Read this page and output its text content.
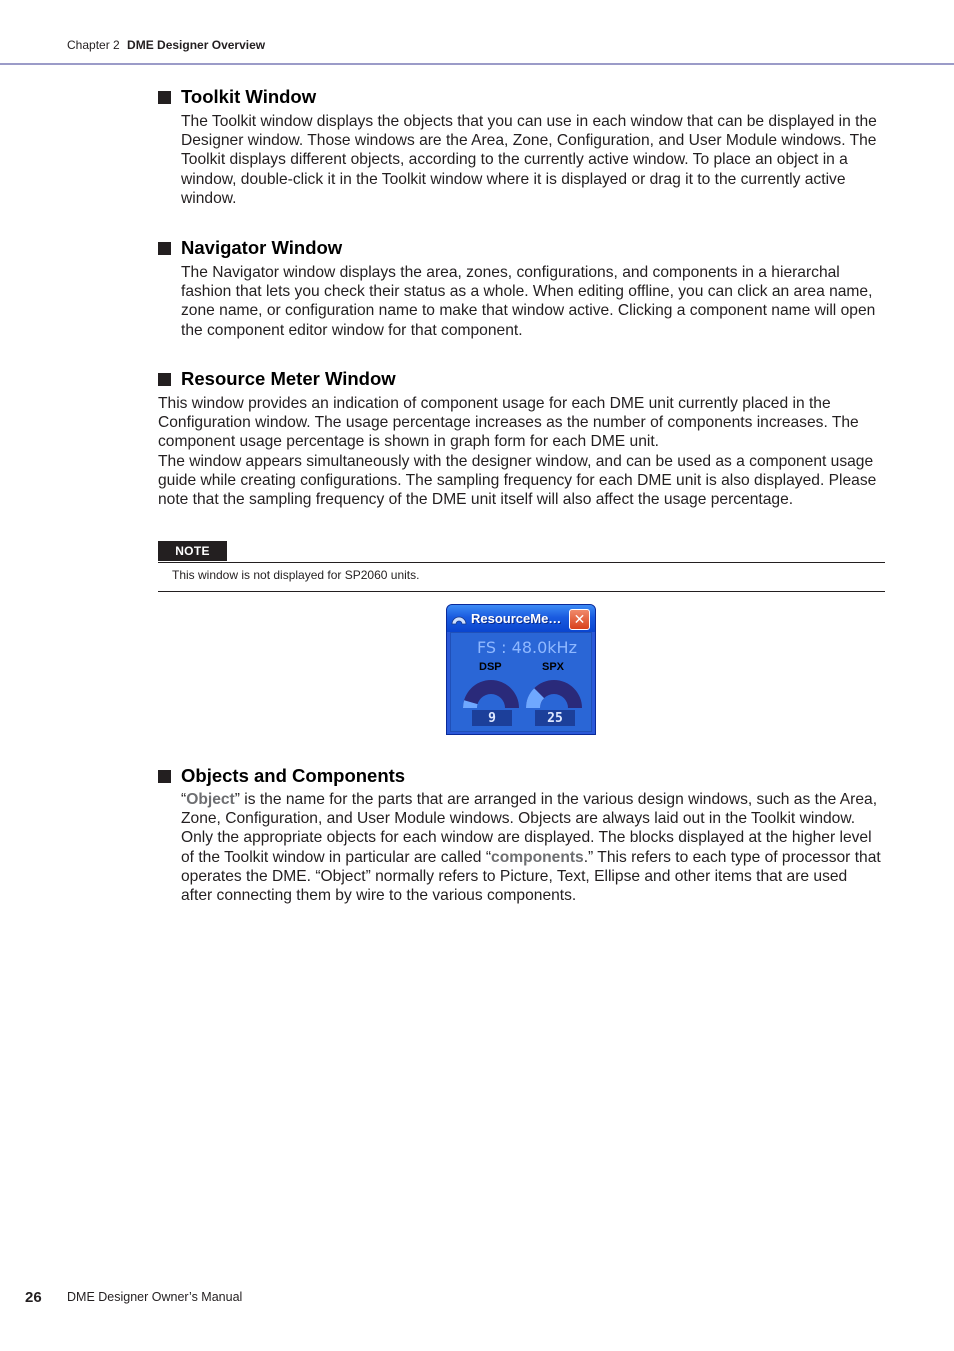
Chapter 2 DME Designer Overview
Toolkit Window

The Toolkit window displays the objects that you can use in each window that can be displayed in the Designer window. Those windows are the Area, Zone, Configuration, and User Module windows. The Toolkit displays different objects, according to the currently active window. To place an object in a window, double-click it in the Toolkit window where it is displayed or drag it to the currently active window.

Navigator Window

The Navigator window displays the area, zones, configurations, and components in a hierarchal fashion that lets you check their status as a whole. When editing offline, you can click an area name, zone name, or configuration name to make that window active. Clicking a component name will open the component editor window for that component.

Resource Meter Window

This window provides an indication of component usage for each DME unit currently placed in the Configuration window. The usage percentage increases as the number of components increases. The component usage percentage is shown in graph form for each DME unit.

The window appears simultaneously with the designer window, and can be used as a component usage guide while creating configurations. The sampling frequency for each DME unit is also displayed. Please note that the sampling frequency of the DME unit itself will also affect the usage percentage.

NOTE
This window is not displayed for SP2060 units.
ResourceMe… ✕
FS : 48.0kHz
DSP	SPX
9	25
Objects and Components

“Object” is the name for the parts that are arranged in the various design windows, such as the Area, Zone, Configuration, and User Module windows. Objects are always laid out in the Toolkit window. Only the appropriate objects for each window are displayed. The blocks displayed at the higher level of the Toolkit window in particular are called “components.” This refers to each type of processor that operates the DME. “Object” normally refers to Picture, Text, Ellipse and other items that are used after connecting them by wire to the various components.

26 DME Designer Owner’s Manual
